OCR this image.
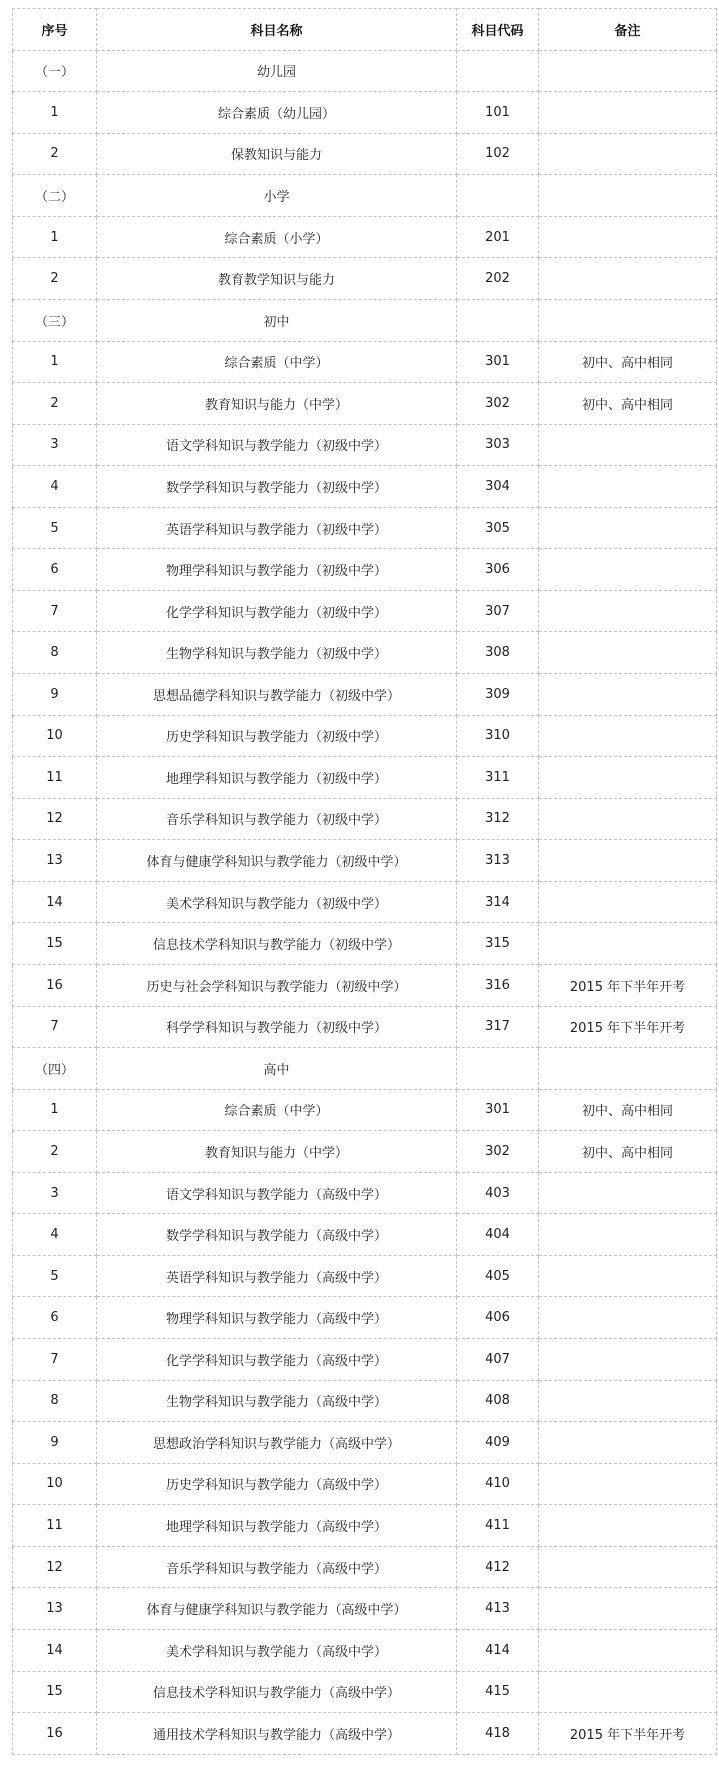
序号	科目名称	科目代码	备注
（一）	幼儿园		
1	综合素质（幼儿园）	101	
2	保教知识与能力	102	
（二）	小学		
1	综合素质（小学）	201	
2	教育教学知识与能力	202	
（三）	初中		
1	综合素质（中学）	301	初中、高中相同
2	教育知识与能力（中学）	302	初中、高中相同
3	语文学科知识与教学能力（初级中学）	303	
4	数学学科知识与教学能力（初级中学）	304	
5	英语学科知识与教学能力（初级中学）	305	
6	物理学科知识与教学能力（初级中学）	306	
7	化学学科知识与教学能力（初级中学）	307	
8	生物学科知识与教学能力（初级中学）	308	
9	思想品德学科知识与教学能力（初级中学）	309	
10	历史学科知识与教学能力（初级中学）	310	
11	地理学科知识与教学能力（初级中学）	311	
12	音乐学科知识与教学能力（初级中学）	312	
13	体育与健康学科知识与教学能力（初级中学）	313	
14	美术学科知识与教学能力（初级中学）	314	
15	信息技术学科知识与教学能力（初级中学）	315	
16	历史与社会学科知识与教学能力（初级中学）	316	2015 年下半年开考
7	科学学科知识与教学能力（初级中学）	317	2015 年下半年开考
（四）	高中		
1	综合素质（中学）	301	初中、高中相同
2	教育知识与能力（中学）	302	初中、高中相同
3	语文学科知识与教学能力（高级中学）	403	
4	数学学科知识与教学能力（高级中学）	404	
5	英语学科知识与教学能力（高级中学）	405	
6	物理学科知识与教学能力（高级中学）	406	
7	化学学科知识与教学能力（高级中学）	407	
8	生物学科知识与教学能力（高级中学）	408	
9	思想政治学科知识与教学能力（高级中学）	409	
10	历史学科知识与教学能力（高级中学）	410	
11	地理学科知识与教学能力（高级中学）	411	
12	音乐学科知识与教学能力（高级中学）	412	
13	体育与健康学科知识与教学能力（高级中学）	413	
14	美术学科知识与教学能力（高级中学）	414	
15	信息技术学科知识与教学能力（高级中学）	415	
16	通用技术学科知识与教学能力（高级中学）	418	2015 年下半年开考
